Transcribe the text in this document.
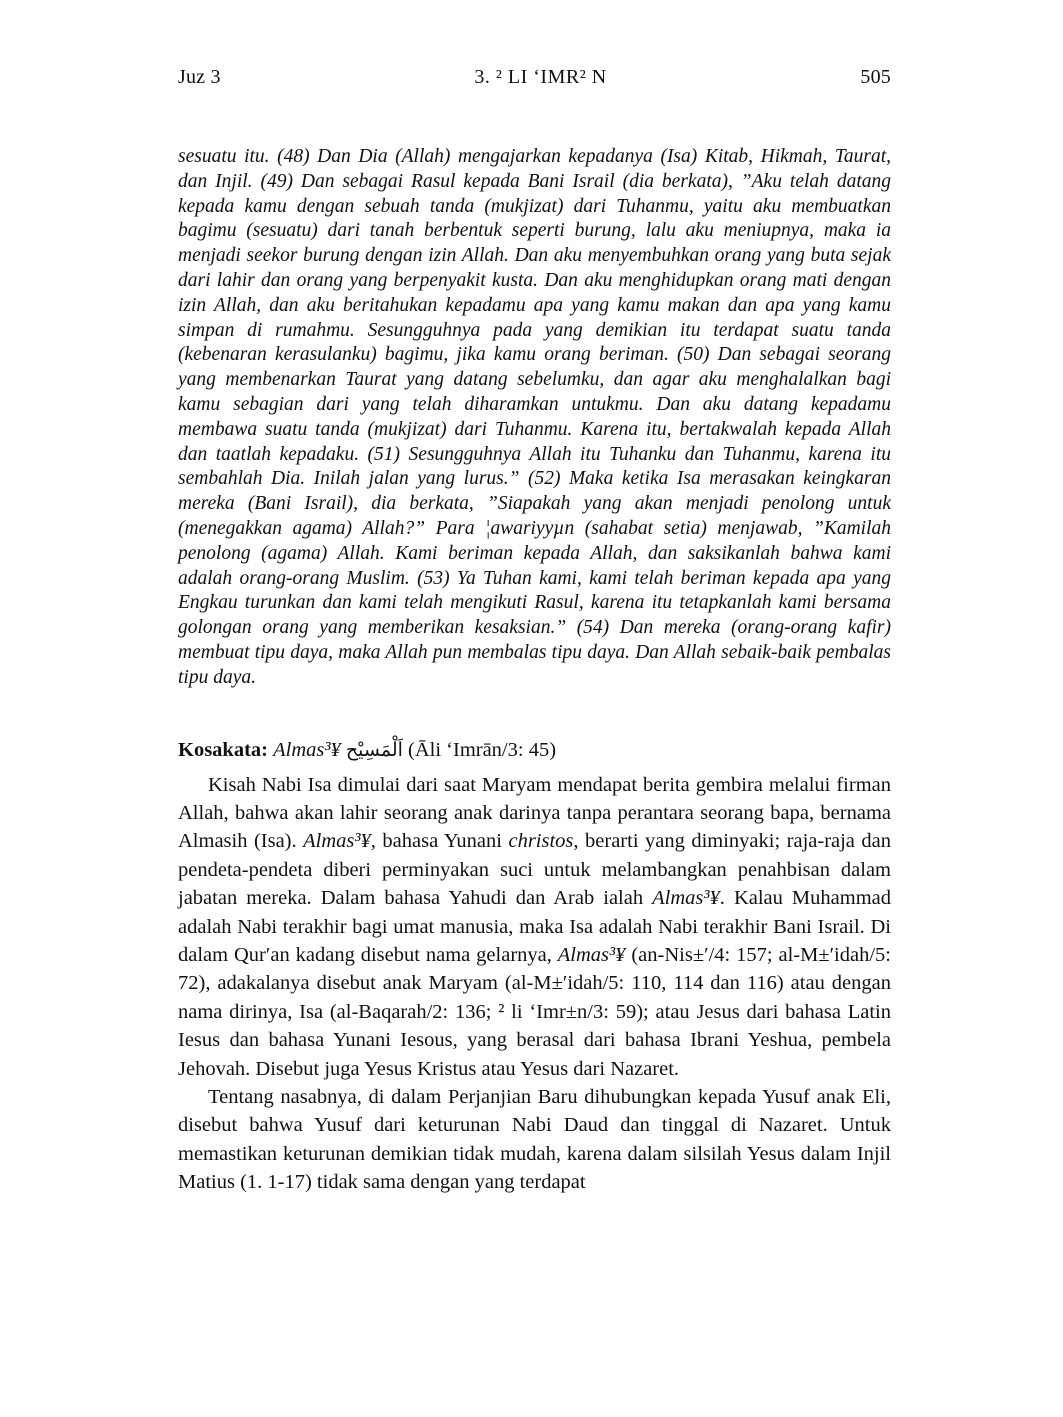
Juz 3	3. ² LI ‘IMR² N	505

sesuatu itu. (48) Dan Dia (Allah) mengajarkan kepadanya (Isa) Kitab, Hikmah, Taurat, dan Injil. (49) Dan sebagai Rasul kepada Bani Israil (dia berkata), ”Aku telah datang kepada kamu dengan sebuah tanda (mukjizat) dari Tuhanmu, yaitu aku membuatkan bagimu (sesuatu) dari tanah berbentuk seperti burung, lalu aku meniupnya, maka ia menjadi seekor burung dengan izin Allah. Dan aku menyembuhkan orang yang buta sejak dari lahir dan orang yang berpenyakit kusta. Dan aku menghidupkan orang mati dengan izin Allah, dan aku beritahukan kepadamu apa yang kamu makan dan apa yang kamu simpan di rumahmu. Sesungguhnya pada yang demikian itu terdapat suatu tanda (kebenaran kerasulanku) bagimu, jika kamu orang beriman. (50) Dan sebagai seorang yang membenarkan Taurat yang datang sebelumku, dan agar aku menghalalkan bagi kamu sebagian dari yang telah diharamkan untukmu. Dan aku datang kepadamu membawa suatu tanda (mukjizat) dari Tuhanmu. Karena itu, bertakwalah kepada Allah dan taatlah kepadaku. (51) Sesungguhnya Allah itu Tuhanku dan Tuhanmu, karena itu sembahlah Dia. Inilah jalan yang lurus.” (52) Maka ketika Isa merasakan keingkaran mereka (Bani Israil), dia berkata, ”Siapakah yang akan menjadi penolong untuk (menegakkan agama) Allah?” Para ¦awariyyµn (sahabat setia) menjawab, ”Kamilah penolong (agama) Allah. Kami beriman kepada Allah, dan saksikanlah bahwa kami adalah orang-orang Muslim. (53) Ya Tuhan kami, kami telah beriman kepada apa yang Engkau turunkan dan kami telah mengikuti Rasul, karena itu tetapkanlah kami bersama golongan orang yang memberikan kesaksian.” (54) Dan mereka (orang-orang kafir) membuat tipu daya, maka Allah pun membalas tipu daya. Dan Allah sebaik-baik pembalas tipu daya.

Kosakata: Almas³¥ اَلْمَسِيْح (Āli ‘Imrān/3: 45)

Kisah Nabi Isa dimulai dari saat Maryam mendapat berita gembira melalui firman Allah, bahwa akan lahir seorang anak darinya tanpa perantara seorang bapa, bernama Almasih (Isa). Almas³¥, bahasa Yunani christos, berarti yang diminyaki; raja-raja dan pendeta-pendeta diberi perminyakan suci untuk melambangkan penahbisan dalam jabatan mereka. Dalam bahasa Yahudi dan Arab ialah Almas³¥. Kalau Muhammad adalah Nabi terakhir bagi umat manusia, maka Isa adalah Nabi terakhir Bani Israil. Di dalam Qur′an kadang disebut nama gelarnya, Almas³¥ (an-Nis±′/4: 157; al-M±′idah/5: 72), adakalanya disebut anak Maryam (al-M±′idah/5: 110, 114 dan 116) atau dengan nama dirinya, Isa (al-Baqarah/2: 136; ² li ‘Imr±n/3: 59); atau Jesus dari bahasa Latin Iesus dan bahasa Yunani Iesous, yang berasal dari bahasa Ibrani Yeshua, pembela Jehovah. Disebut juga Yesus Kristus atau Yesus dari Nazaret.

Tentang nasabnya, di dalam Perjanjian Baru dihubungkan kepada Yusuf anak Eli, disebut bahwa Yusuf dari keturunan Nabi Daud dan tinggal di Nazaret. Untuk memastikan keturunan demikian tidak mudah, karena dalam silsilah Yesus dalam Injil Matius (1. 1-17) tidak sama dengan yang terdapat
